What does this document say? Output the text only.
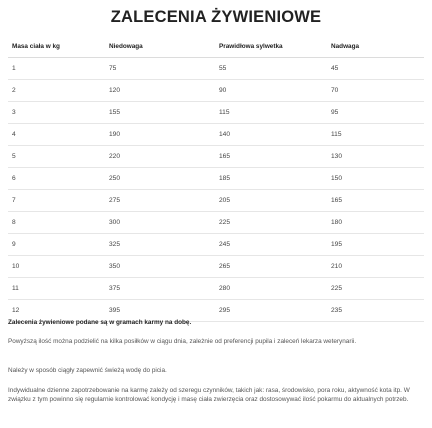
ZALECENIA ŻYWIENIOWE
Masa ciała w kg	Niedowaga	Prawidłowa sylwetka	Nadwaga
1	75	55	45
2	120	90	70
3	155	115	95
4	190	140	115
5	220	165	130
6	250	185	150
7	275	205	165
8	300	225	180
9	325	245	195
10	350	265	210
11	375	280	225
12	395	295	235

Zalecenia żywieniowe podane są w gramach karmy na dobę.

Powyższą ilość można podzielić na kilka posiłków w ciągu dnia, zależnie od preferencji pupila i zaleceń lekarza weterynarii.

Należy w sposób ciągły zapewnić świeżą wodę do picia.

Indywidualne dzienne zapotrzebowanie na karmę zależy od szeregu czynników, takich jak: rasa, środowisko, pora roku, aktywność kota itp. W związku z tym powinno się regularnie kontrolować kondycję i masę ciała zwierzęcia oraz dostosowywać ilość pokarmu do aktualnych potrzeb.
